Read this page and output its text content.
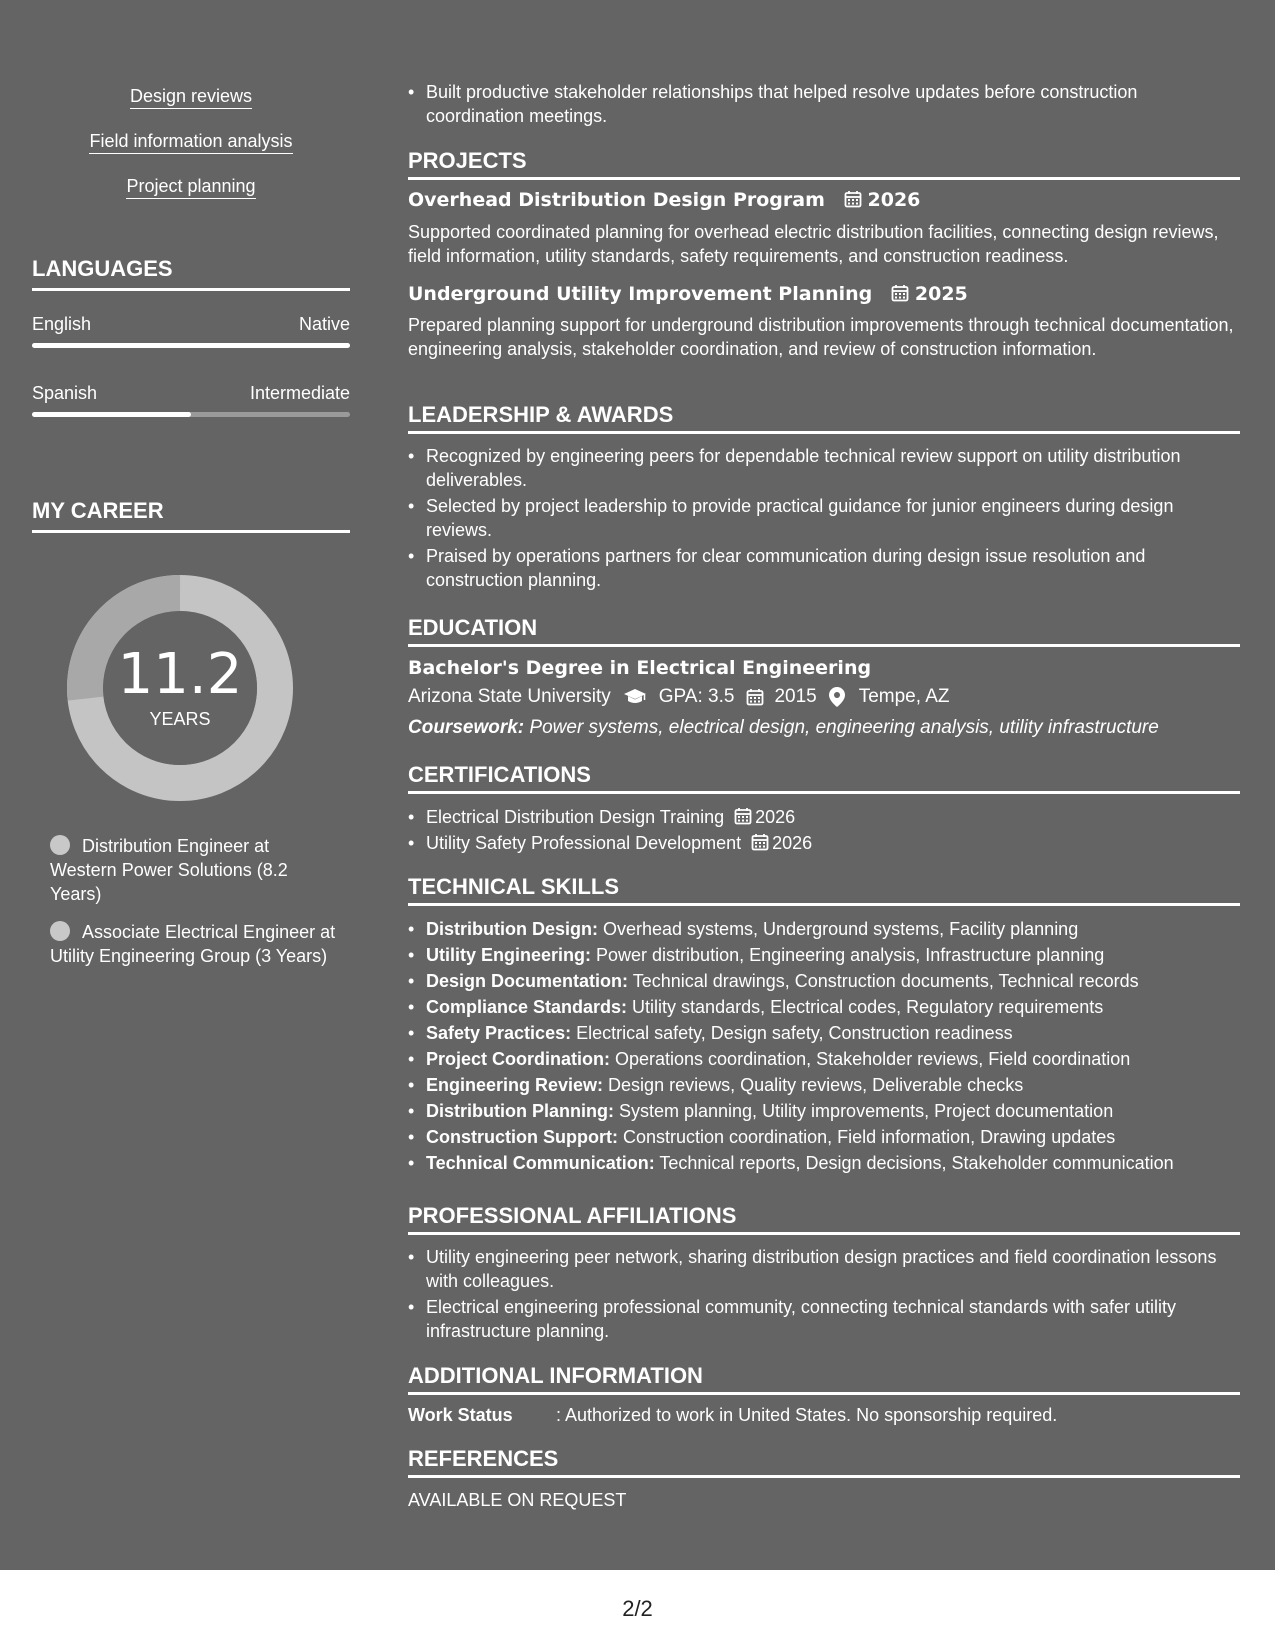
Design reviews
Field information analysis
Project planning
LANGUAGES
English	Native
Spanish	Intermediate
MY CAREER
11.2
YEARS
Distribution Engineer at Western Power Solutions (8.2 Years)
Associate Electrical Engineer at Utility Engineering Group (3 Years)
• Built productive stakeholder relationships that helped resolve updates before construction coordination meetings.
PROJECTS
Overhead Distribution Design Program 2026
Supported coordinated planning for overhead electric distribution facilities, connecting design reviews, field information, utility standards, safety requirements, and construction readiness.
Underground Utility Improvement Planning 2025
Prepared planning support for underground distribution improvements through technical documentation, engineering analysis, stakeholder coordination, and review of construction information.
LEADERSHIP & AWARDS
• Recognized by engineering peers for dependable technical review support on utility distribution deliverables.
• Selected by project leadership to provide practical guidance for junior engineers during design reviews.
• Praised by operations partners for clear communication during design issue resolution and construction planning.
EDUCATION
Bachelor's Degree in Electrical Engineering
Arizona State University	GPA: 3.5 2015 Tempe, AZ
Coursework: Power systems, electrical design, engineering analysis, utility infrastructure
CERTIFICATIONS
• Electrical Distribution Design Training 2026
• Utility Safety Professional Development 2026
TECHNICAL SKILLS
• Distribution Design: Overhead systems, Underground systems, Facility planning
• Utility Engineering: Power distribution, Engineering analysis, Infrastructure planning
• Design Documentation: Technical drawings, Construction documents, Technical records
• Compliance Standards: Utility standards, Electrical codes, Regulatory requirements
• Safety Practices: Electrical safety, Design safety, Construction readiness
• Project Coordination: Operations coordination, Stakeholder reviews, Field coordination
• Engineering Review: Design reviews, Quality reviews, Deliverable checks
• Distribution Planning: System planning, Utility improvements, Project documentation
• Construction Support: Construction coordination, Field information, Drawing updates
• Technical Communication: Technical reports, Design decisions, Stakeholder communication
PROFESSIONAL AFFILIATIONS
• Utility engineering peer network, sharing distribution design practices and field coordination lessons with colleagues.
• Electrical engineering professional community, connecting technical standards with safer utility infrastructure planning.
ADDITIONAL INFORMATION
Work Status : Authorized to work in United States. No sponsorship required.
REFERENCES
AVAILABLE ON REQUEST
2/2
